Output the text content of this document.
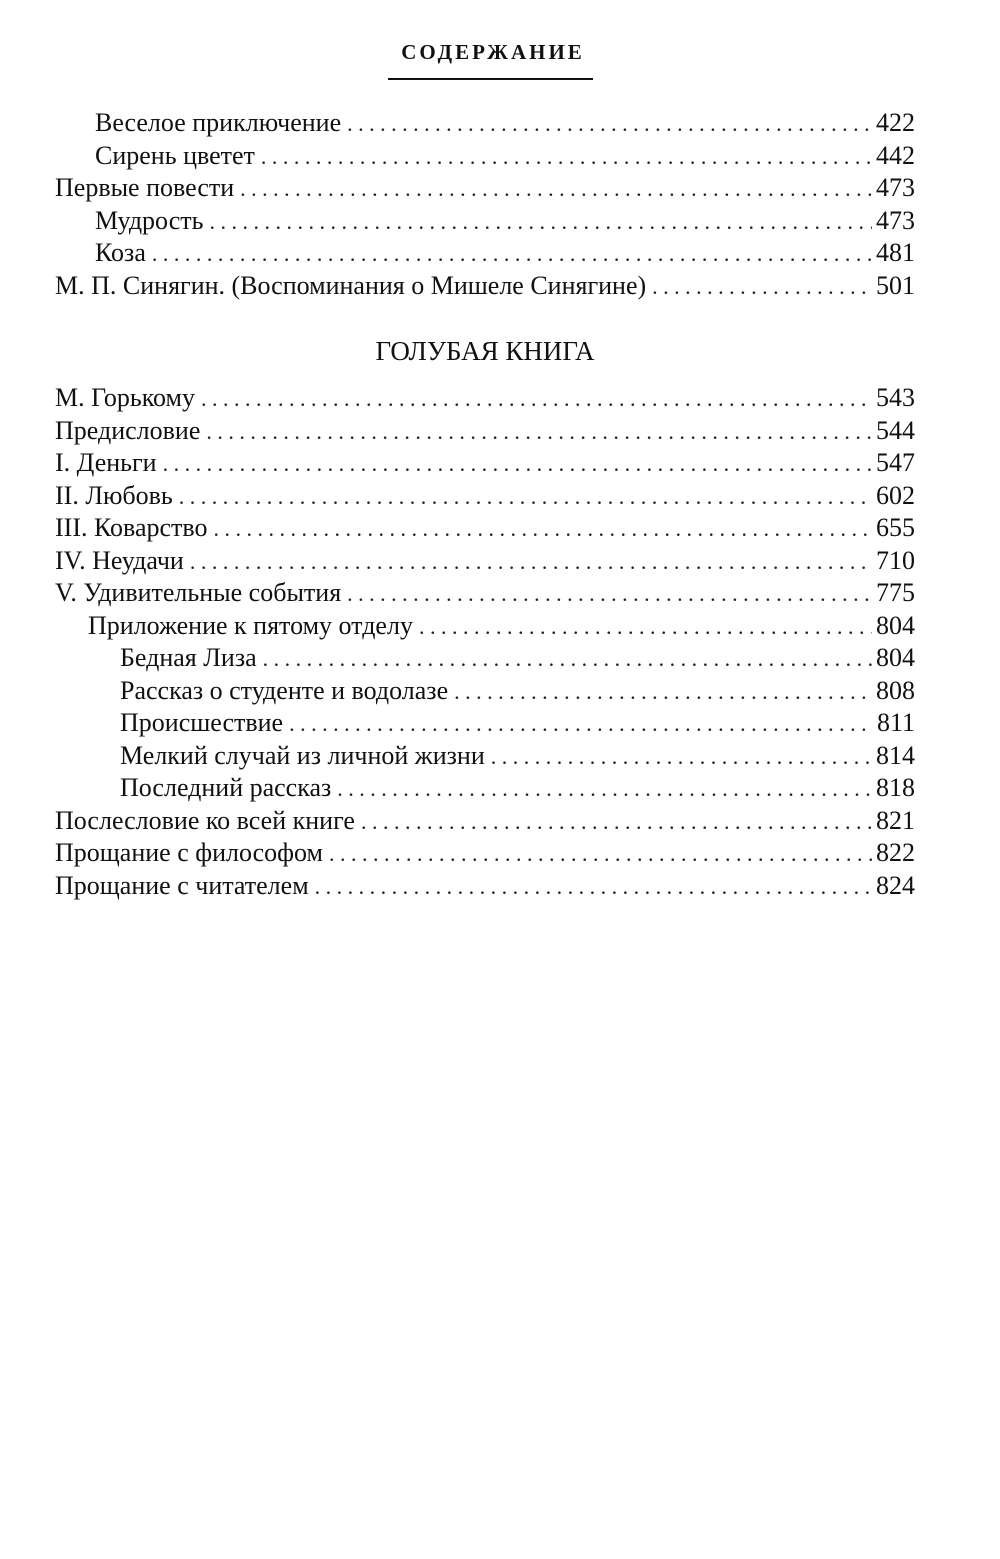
СОДЕРЖАНИЕ
Веселое приключение . . .	422
Сирень цветет . . .	442
Первые повести . . .	473
Мудрость . . .	473
Коза . . .	481
М. П. Синягин. (Воспоминания о Мишеле Синягине) . . .	501
ГОЛУБАЯ КНИГА
М. Горькому . . .	543
Предисловие . . .	544
I. Деньги . . .	547
II. Любовь . . .	602
III. Коварство . . .	655
IV. Неудачи . . .	710
V. Удивительные события . . .	775
Приложение к пятому отделу . . .	804
Бедная Лиза . . .	804
Рассказ о студенте и водолазе . . .	808
Происшествие . . .	811
Мелкий случай из личной жизни . . .	814
Последний рассказ . . .	818
Послесловие ко всей книге . . .	821
Прощание с философом . . .	822
Прощание с читателем . . .	824
